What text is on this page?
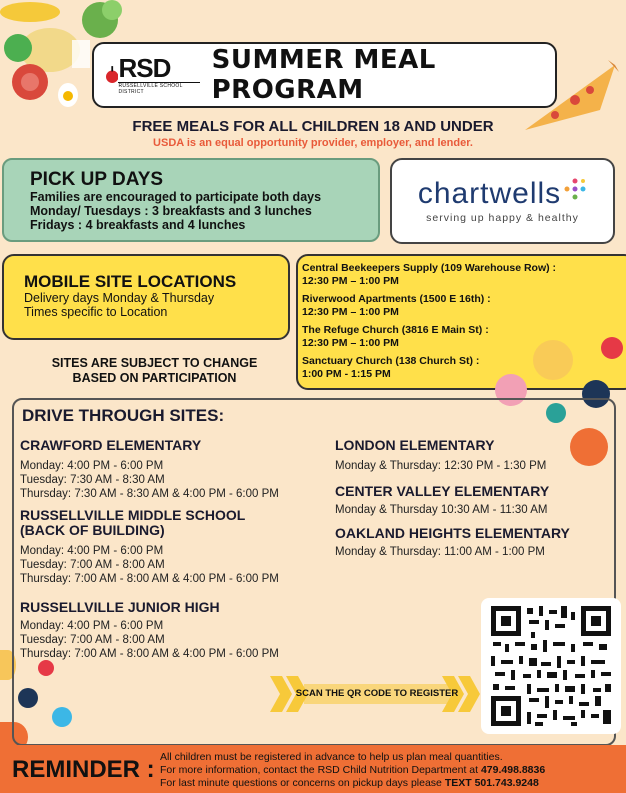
RSD
RUSSELLVILLE SCHOOL DISTRICT
SUMMER MEAL PROGRAM
FREE MEALS FOR ALL CHILDREN 18 AND UNDER
USDA is an equal opportunity provider, employer, and lender.
PICK UP DAYS
Families are encouraged to participate both days
Monday/ Tuesdays : 3 breakfasts and 3 lunches
Fridays : 4 breakfasts and 4 lunches
chartwells
serving up happy & healthy
Central Beekeepers Supply (109 Warehouse Row) :
12:30 PM – 1:00 PM
Riverwood Apartments (1500 E 16th) :
12:30 PM – 1:00 PM
The Refuge Church (3816 E Main St) :
12:30 PM – 1:00 PM
Sanctuary Church (138 Church St) :
1:00 PM - 1:15 PM
MOBILE SITE LOCATIONS
Delivery days Monday & Thursday
Times specific to Location
SITES ARE SUBJECT TO CHANGE
BASED ON PARTICIPATION
DRIVE THROUGH SITES:
CRAWFORD ELEMENTARY
Monday: 4:00 PM - 6:00 PM
Tuesday: 7:30 AM - 8:30 AM
Thursday: 7:30 AM - 8:30 AM & 4:00 PM - 6:00 PM
RUSSELLVILLE MIDDLE SCHOOL
(BACK OF BUILDING)
Monday: 4:00 PM - 6:00 PM
Tuesday: 7:00 AM - 8:00 AM
Thursday: 7:00 AM - 8:00 AM & 4:00 PM - 6:00 PM
RUSSELLVILLE JUNIOR HIGH
Monday: 4:00 PM - 6:00 PM
Tuesday: 7:00 AM - 8:00 AM
Thursday: 7:00 AM - 8:00 AM & 4:00 PM - 6:00 PM
LONDON ELEMENTARY
Monday & Thursday: 12:30 PM - 1:30 PM
CENTER VALLEY ELEMENTARY
Monday & Thursday 10:30 AM - 11:30 AM
OAKLAND HEIGHTS ELEMENTARY
Monday & Thursday: 11:00 AM - 1:00 PM
SCAN THE QR CODE TO REGISTER
REMINDER : All children must be registered in advance to help us plan meal quantities.
For more information, contact the RSD Child Nutrition Department at 479.498.8836
For last minute questions or concerns on pickup days please TEXT 501.743.9248
